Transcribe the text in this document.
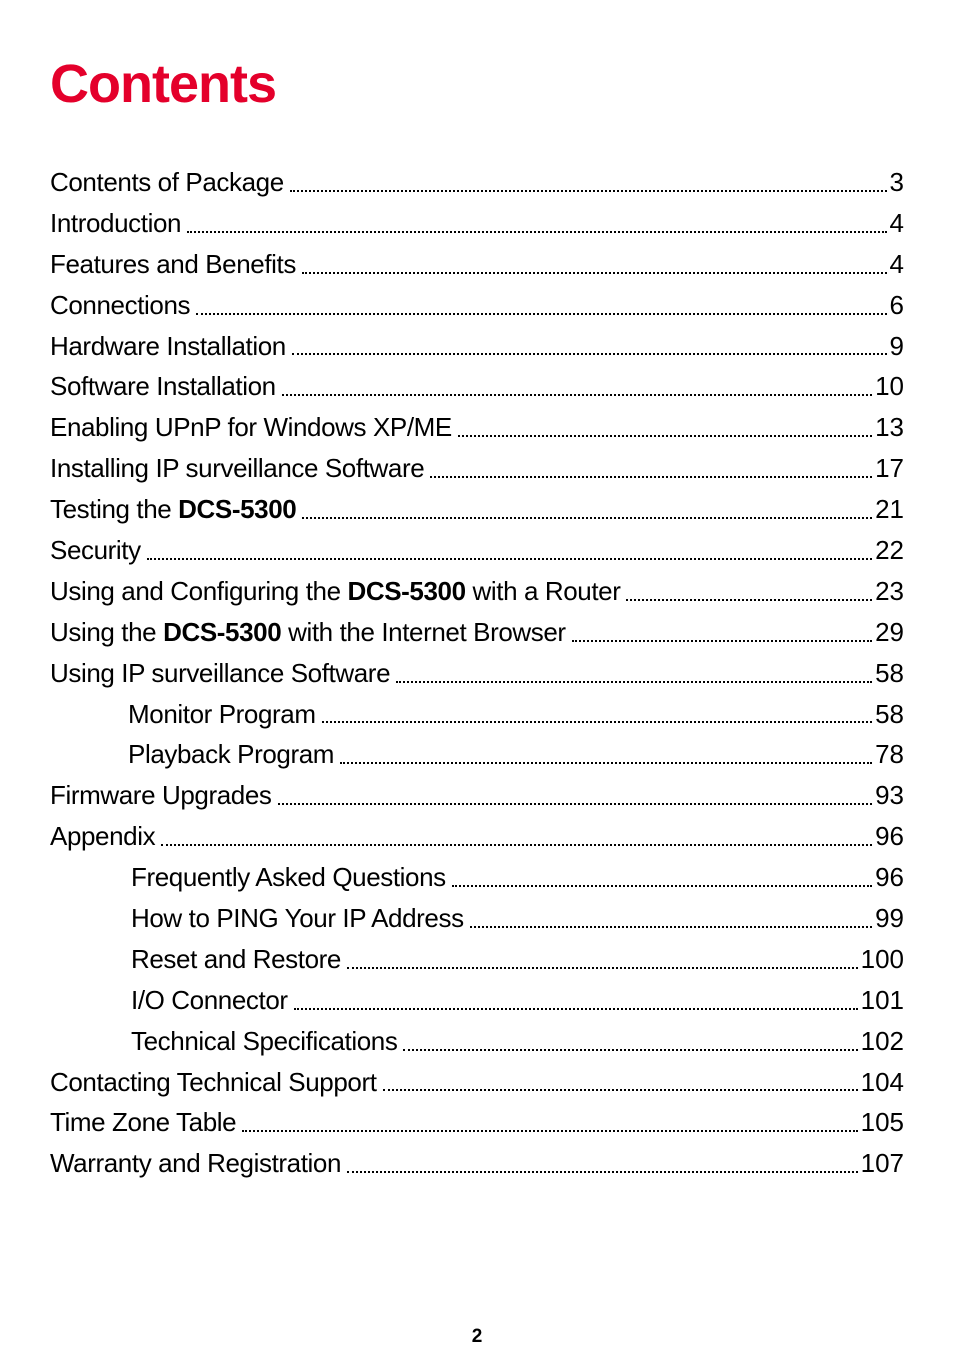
Contents
Contents of Package	3
Introduction	4
Features and Benefits	4
Connections	6
Hardware Installation	9
Software Installation	10
Enabling UPnP for Windows XP/ME	13
Installing IP surveillance Software	17
Testing the DCS-5300	21
Security	22
Using and Configuring the DCS-5300 with a Router	23
Using the DCS-5300 with the Internet Browser	29
Using IP surveillance Software	58
Monitor Program	58
Playback Program	78
Firmware Upgrades	93
Appendix	96
Frequently Asked Questions	96
How to PING Your IP Address	99
Reset and Restore	100
I/O Connector	101
Technical Specifications	102
Contacting Technical Support	104
Time Zone Table	105
Warranty and Registration	107
2
